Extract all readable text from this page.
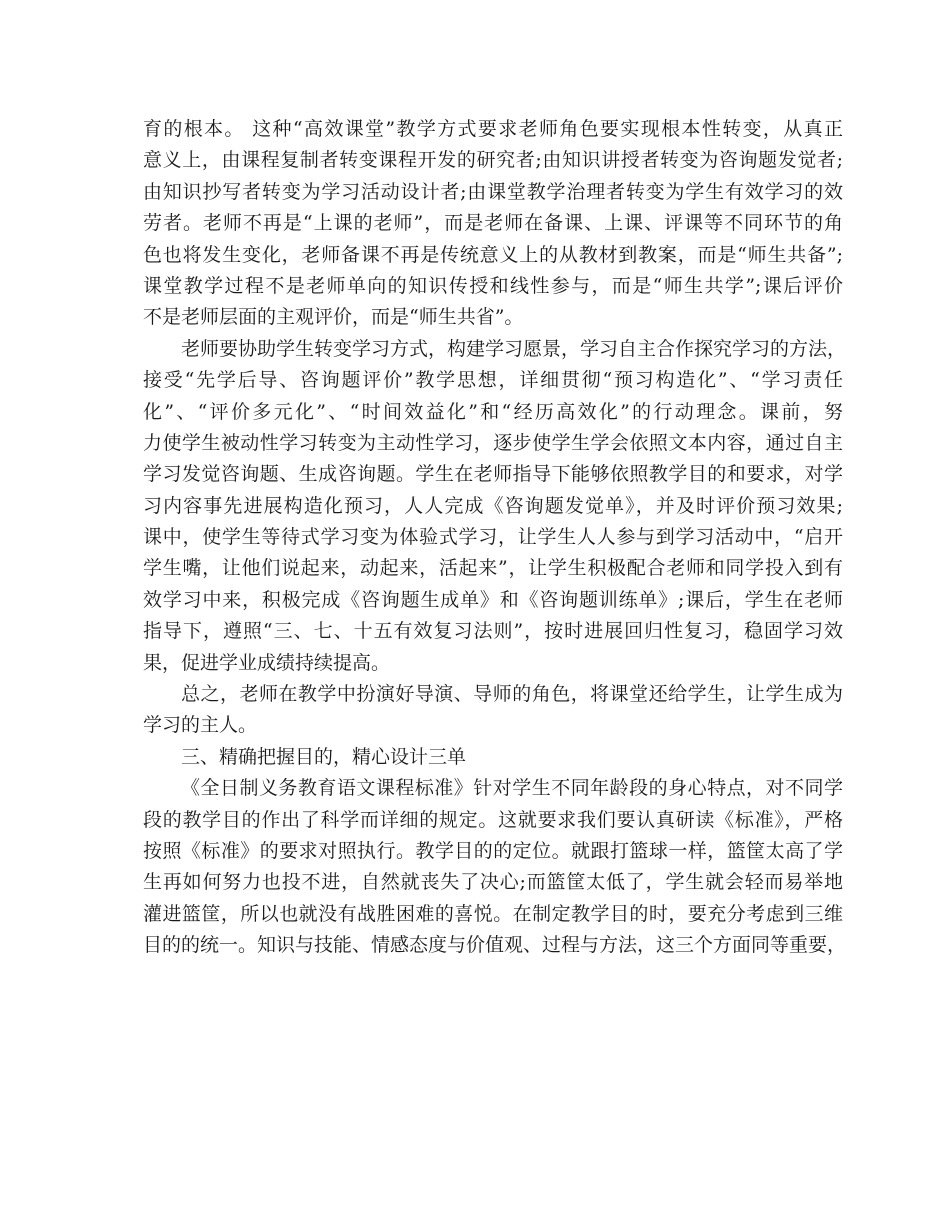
育的根本。 这种“高效课堂”教学方式要求老师角色要实现根本性转变，从真正
意义上，由课程复制者转变课程开发的研究者;由知识讲授者转变为咨询题发觉者;
由知识抄写者转变为学习活动设计者;由课堂教学治理者转变为学生有效学习的效
劳者。老师不再是“上课的老师”，而是老师在备课、上课、评课等不同环节的角
色也将发生变化，老师备课不再是传统意义上的从教材到教案，而是“师生共备”;
课堂教学过程不是老师单向的知识传授和线性参与，而是“师生共学”;课后评价
不是老师层面的主观评价，而是“师生共省”。
老师要协助学生转变学习方式，构建学习愿景，学习自主合作探究学习的方法，
接受“先学后导、咨询题评价”教学思想，详细贯彻“预习构造化”、“学习责任
化”、“评价多元化”、“时间效益化”和“经历高效化”的行动理念。课前，努
力使学生被动性学习转变为主动性学习，逐步使学生学会依照文本内容，通过自主
学习发觉咨询题、生成咨询题。学生在老师指导下能够依照教学目的和要求，对学
习内容事先进展构造化预习，人人完成《咨询题发觉单》，并及时评价预习效果;
课中，使学生等待式学习变为体验式学习，让学生人人参与到学习活动中，“启开
学生嘴，让他们说起来，动起来，活起来”，让学生积极配合老师和同学投入到有
效学习中来，积极完成《咨询题生成单》和《咨询题训练单》;课后，学生在老师
指导下，遵照“三、七、十五有效复习法则”，按时进展回归性复习，稳固学习效
果，促进学业成绩持续提高。
总之，老师在教学中扮演好导演、导师的角色，将课堂还给学生，让学生成为
学习的主人。
三、精确把握目的，精心设计三单
《全日制义务教育语文课程标准》针对学生不同年龄段的身心特点，对不同学
段的教学目的作出了科学而详细的规定。这就要求我们要认真研读《标准》，严格
按照《标准》的要求对照执行。教学目的的定位。就跟打篮球一样，篮筐太高了学
生再如何努力也投不进，自然就丧失了决心;而篮筐太低了，学生就会轻而易举地
灌进篮筐，所以也就没有战胜困难的喜悦。在制定教学目的时，要充分考虑到三维
目的的统一。知识与技能、情感态度与价值观、过程与方法，这三个方面同等重要，
